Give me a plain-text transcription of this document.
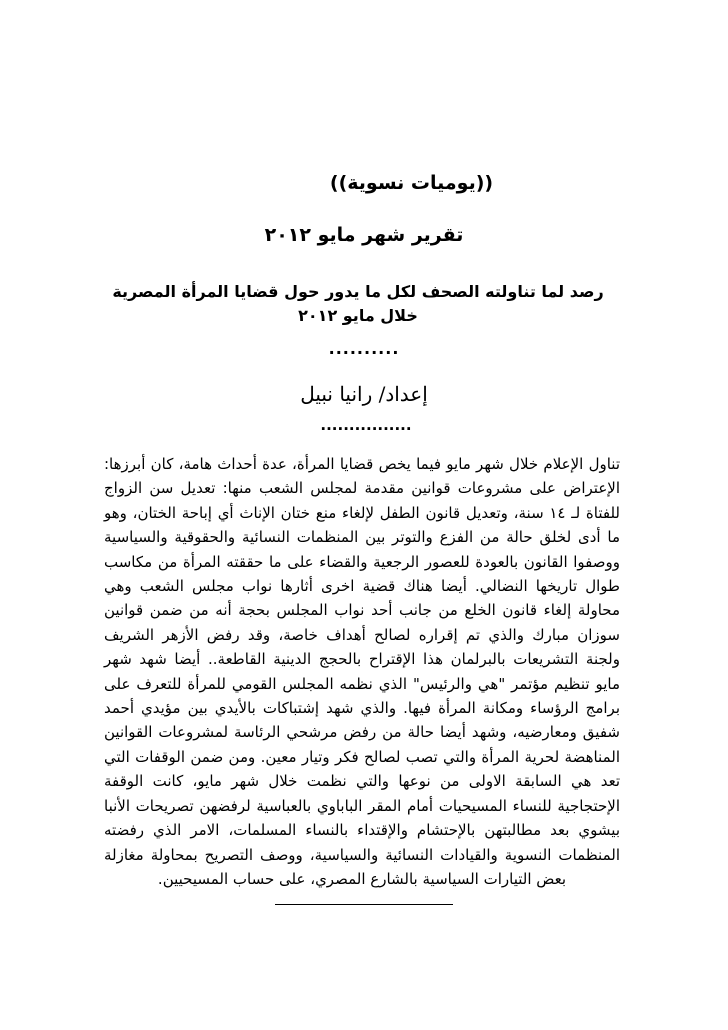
((يوميات نسوية))
تقرير شهر مايو ٢٠١٢
رصد لما تناولته الصحف لكل ما يدور حول قضايا المرأة المصرية خلال مايو ٢٠١٢
..........
إعداد/ رانيا نبيل
................
تناول الإعلام خلال شهر مايو فيما يخص قضايا المرأة، عدة أحداث هامة، كان أبرزها: الإعتراض على مشروعات قوانين مقدمة لمجلس الشعب منها: تعديل سن الزواج للفتاة لـ ١٤ سنة، وتعديل قانون الطفل لإلغاء منع ختان الإناث أي إباحة الختان، وهو ما أدى لخلق حالة من الفزع والتوتر بين المنظمات النسائية والحقوقية والسياسية ووصفوا القانون بالعودة للعصور الرجعية والقضاء على ما حققته المرأة من مكاسب طوال تاريخها النضالي. أيضا هناك قضية اخرى أثارها نواب مجلس الشعب وهي محاولة إلغاء قانون الخلع من جانب أحد نواب المجلس بحجة أنه من ضمن قوانين سوزان مبارك والذي تم إقراره لصالح أهداف خاصة، وقد رفض الأزهر الشريف ولجنة التشريعات بالبرلمان هذا الإقتراح بالحجج الدينية القاطعة.. أيضا شهد شهر مايو تنظيم مؤتمر "هي والرئيس" الذي نظمه المجلس القومي للمرأة للتعرف على برامج الرؤساء ومكانة المرأة فيها. والذي شهد إشتباكات بالأيدي بين مؤيدي أحمد شفيق ومعارضيه، وشهد أيضا حالة من رفض مرشحي الرئاسة لمشروعات القوانين المناهضة لحرية المرأة والتي تصب لصالح فكر وتيار معين. ومن ضمن الوقفات التي تعد هي السابقة الاولى من نوعها والتي نظمت خلال شهر مايو، كانت الوقفة الإحتجاجية للنساء المسيحيات أمام المقر الباباوي بالعباسية لرفضهن تصريحات الأنبا بيشوي بعد مطالبتهن بالإحتشام والإقتداء بالنساء المسلمات، الامر الذي رفضته المنظمات النسوية والقيادات النسائية والسياسية، ووصف التصريح بمحاولة مغازلة بعض التيارات السياسية بالشارع المصري، على حساب المسيحيين.
